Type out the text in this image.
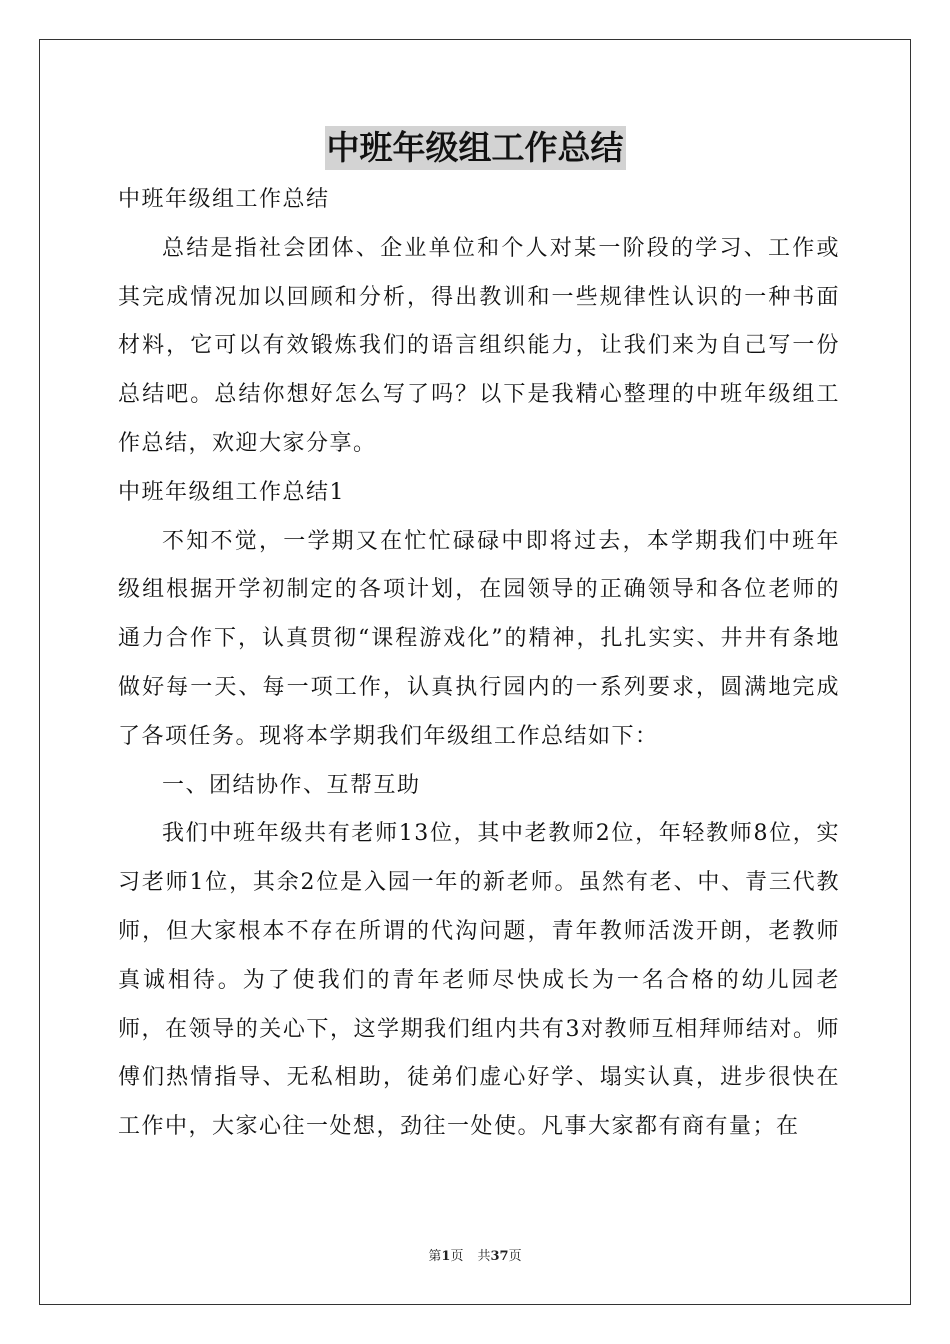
中班年级组工作总结

中班年级组工作总结

总结是指社会团体、企业单位和个人对某一阶段的学习、工作或其完成情况加以回顾和分析，得出教训和一些规律性认识的一种书面材料，它可以有效锻炼我们的语言组织能力，让我们来为自己写一份总结吧。总结你想好怎么写了吗？以下是我精心整理的中班年级组工作总结，欢迎大家分享。

中班年级组工作总结1

不知不觉，一学期又在忙忙碌碌中即将过去，本学期我们中班年级组根据开学初制定的各项计划，在园领导的正确领导和各位老师的通力合作下，认真贯彻“课程游戏化”的精神，扎扎实实、井井有条地做好每一天、每一项工作，认真执行园内的一系列要求，圆满地完成了各项任务。现将本学期我们年级组工作总结如下：

一、团结协作、互帮互助

我们中班年级共有老师13位，其中老教师2位，年轻教师8位，实习老师1位，其余2位是入园一年的新老师。虽然有老、中、青三代教师，但大家根本不存在所谓的代沟问题，青年教师活泼开朗，老教师真诚相待。为了使我们的青年老师尽快成长为一名合格的幼儿园老师，在领导的关心下，这学期我们组内共有3对教师互相拜师结对。师傅们热情指导、无私相助，徒弟们虚心好学、塌实认真，进步很快在工作中，大家心往一处想，劲往一处使。凡事大家都有商有量；在

第1页 共37页
